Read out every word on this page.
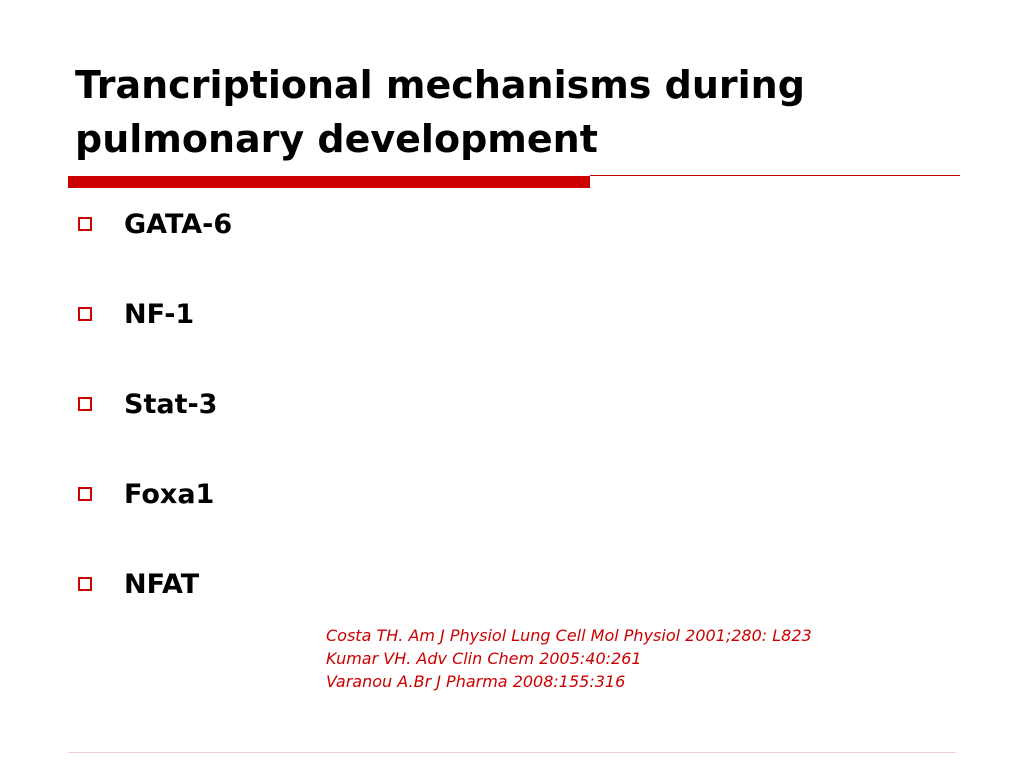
Trancriptional mechanisms during pulmonary development
GATA-6
NF-1
Stat-3
Foxa1
NFAT
Costa TH. Am J Physiol Lung Cell Mol Physiol 2001;280: L823
Kumar VH. Adv Clin Chem 2005:40:261
Varanou A.Br J Pharma 2008:155:316
